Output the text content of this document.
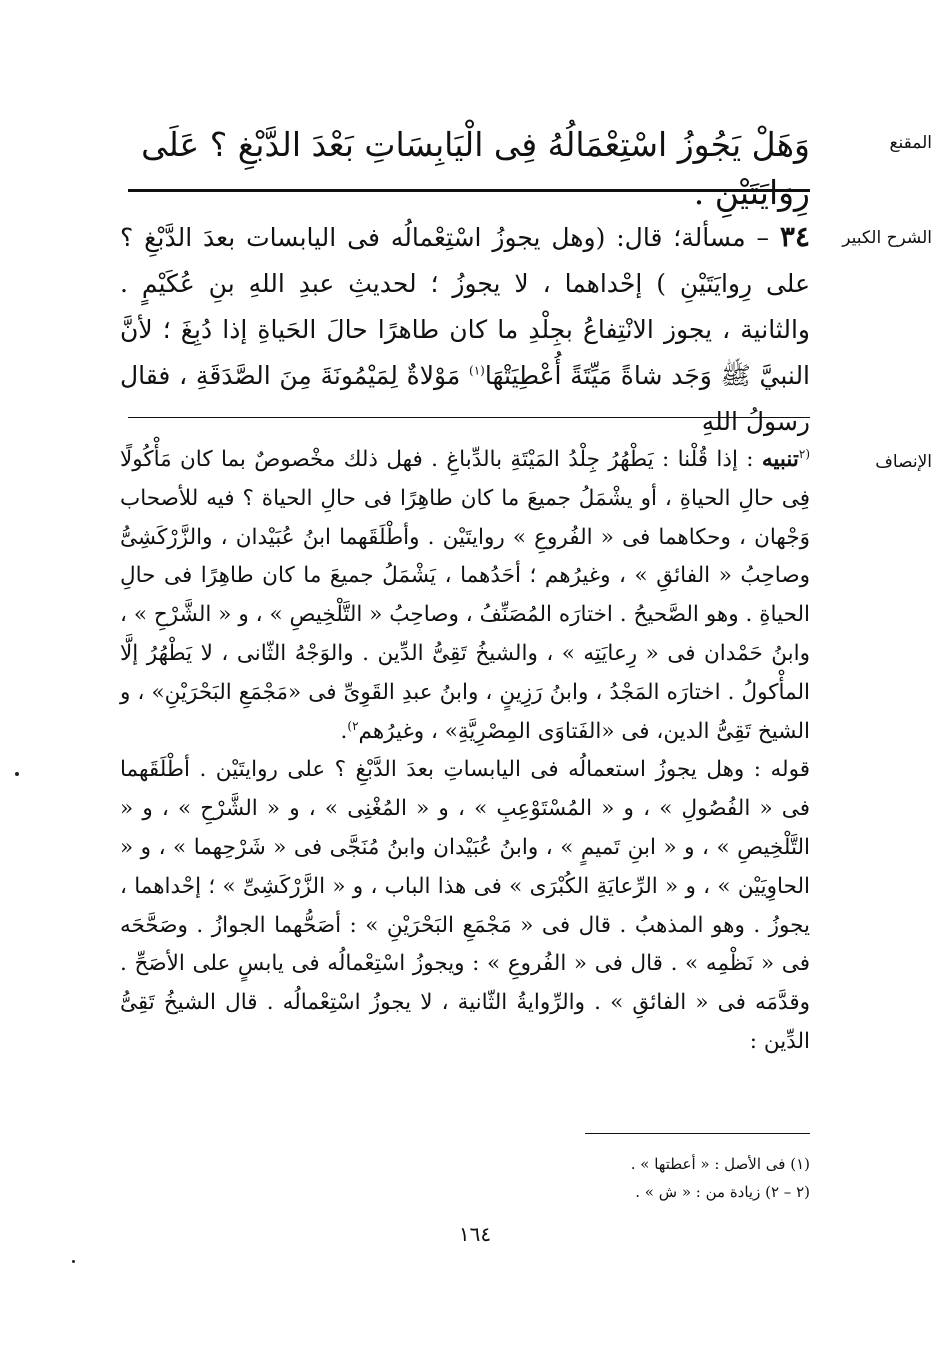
المقنع
وَهَلْ يَجُوزُ اسْتِعْمَالُهُ فِى الْيَابِسَاتِ بَعْدَ الدَّبْغِ ؟ عَلَى رِوَايَتَيْنِ .
الشرح الكبير
٣٤ – مسألة؛ قال: (وهل يجوزُ اسْتِعْمالُه فى اليابسات بعدَ الدَّبْغِ ؟ على رِوايَتَيْنِ ) إحْداهما ، لا يجوزُ ؛ لحديثِ عبدِ اللهِ بنِ عُكَيْمٍ . والثانية ، يجوز الانْتِفاعُ بجِلْدِ ما كان طاهرًا حالَ الحَياةِ إذا دُبِغَ ؛ لأنَّ النبيَّ ﷺ وَجَد شاةً مَيِّتَةً أُعْطِيَتْهَا$^{(١)}$ مَوْلاةٌ لِمَيْمُونَةَ مِنَ الصَّدَقَةِ ، فقال رسولُ اللهِ
الإنصاف

$^{(٢}$تنبيه : إذا قُلْنا : يَطْهُرُ جِلْدُ المَيْتَةِ بالدِّباغِ . فهل ذلك مخْصوصٌ بما كان مَأْكُولًا فِى حالِ الحياةِ ، أو يشْمَلُ جميعَ ما كان طاهِرًا فى حالِ الحياة ؟ فيه للأصحاب وَجْهان ، وحكاهما فى « الفُروعِ » روايتَيْن . وأطْلَقَهما ابنُ عُبَيْدان ، والزَّرْكَشِىُّ وصاحِبُ « الفائقِ » ، وغيرُهم ؛ أحَدُهما ، يَشْمَلُ جميعَ ما كان طاهِرًا فى حالِ الحياةِ . وهو الصَّحيحُ . اختارَه المُصَنِّفُ ، وصاحِبُ « التَّلْخِيصِ » ، و « الشَّرْحِ » ، وابنُ حَمْدان فى « رِعايَتِه » ، والشيخُ تَقِىُّ الدِّين . والوَجْهُ الثّانى ، لا يَطْهُرُ إلَّا المأْكولُ . اختارَه المَجْدُ ، وابنُ رَزِينٍ ، وابنُ عبدِ القَوِىِّ فى «مَجْمَعِ البَحْرَيْنِ» ، و الشيخ تَقِىُّ الدين، فى «الفَتاوَى المِصْرِيَّةِ» ، وغيرُهم$^{٢)}$.

قوله : وهل يجوزُ استعمالُه فى اليابساتِ بعدَ الدَّبْغِ ؟ على روايتَيْن . أطْلَقَهما فى « الفُصُولِ » ، و « المُسْتَوْعِبِ » ، و « المُغْنِى » ، و « الشَّرْحِ » ، و « التَّلْخِيصِ » ، و « ابنِ تَميمٍ » ، وابنُ عُبَيْدان وابنُ مُنَجَّى فى « شَرْحِهما » ، و « الحاوِيَيْن » ، و « الرِّعايَةِ الكُبْرَى » فى هذا الباب ، و « الزَّرْكَشِىِّ » ؛ إحْداهما ، يجوزُ . وهو المذهبُ . قال فى « مَجْمَعِ البَحْرَيْنِ » : أصَحُّهما الجوازُ . وصَحَّحَه فى « نَظْمِه » . قال فى « الفُروعِ » : ويجوزُ اسْتِعْمالُه فى يابسٍ على الأصَحِّ . وقدَّمَه فى « الفائقِ » . والرِّوايةُ الثّانية ، لا يجوزُ اسْتِعْمالُه . قال الشيخُ تَقِىُّ الدِّين :

(١) فى الأصل : « أعطتها » .
(٢ – ٢) زيادة من : « ش » .
١٦٤
